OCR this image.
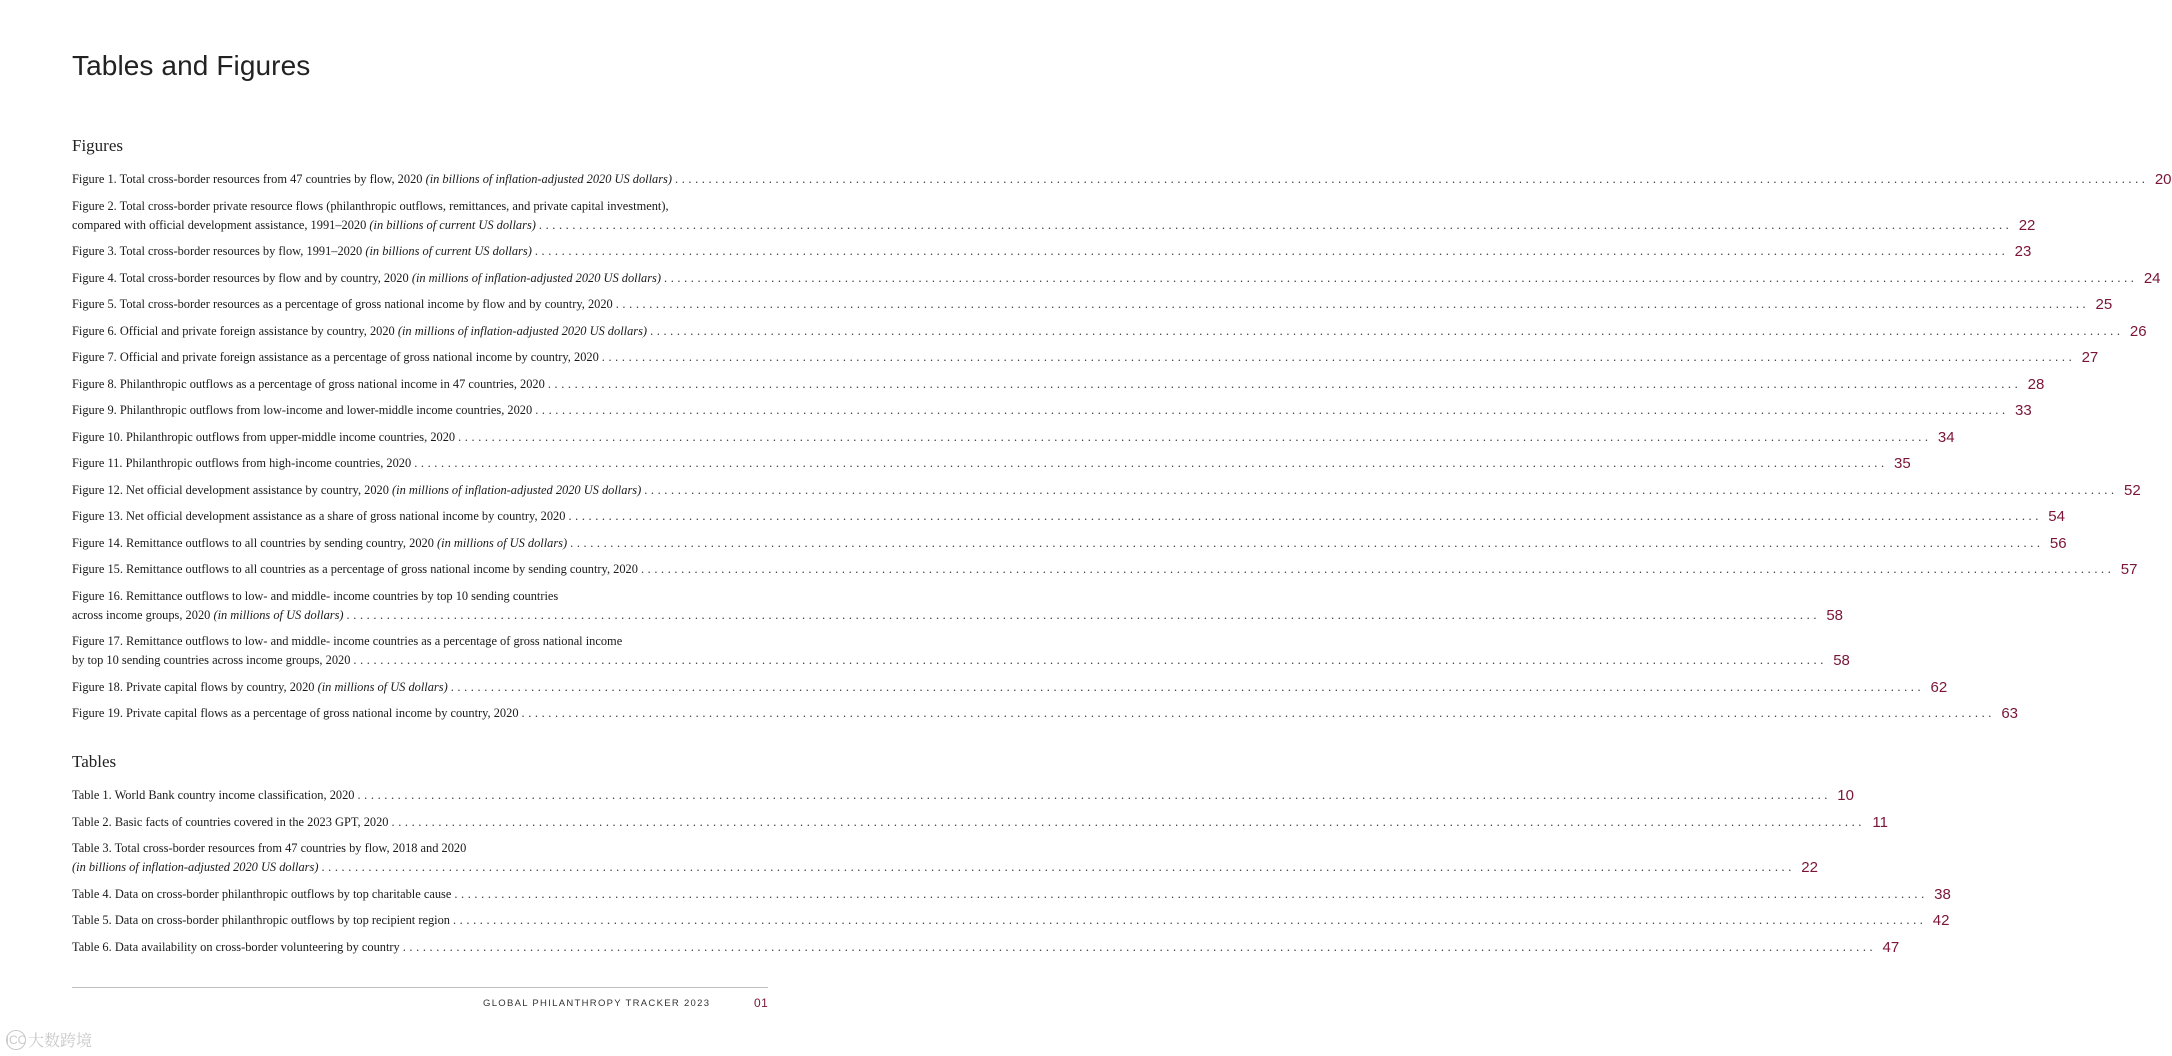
Tables and Figures
Figures
Figure 1. Total cross-border resources from 47 countries by flow, 2020 (in billions of inflation-adjusted 2020 US dollars) ............................................................................................................................................................................................................................ 20
Figure 2. Total cross-border private resource flows (philanthropic outflows, remittances, and private capital investment),
compared with official development assistance, 1991–2020 (in billions of current US dollars) ............................................................................................................................................................................................................................ 22
Figure 3. Total cross-border resources by flow, 1991–2020 (in billions of current US dollars) ............................................................................................................................................................................................................................ 23
Figure 4. Total cross-border resources by flow and by country, 2020 (in millions of inflation-adjusted 2020 US dollars) ............................................................................................................................................................................................................................ 24
Figure 5. Total cross-border resources as a percentage of gross national income by flow and by country, 2020 ............................................................................................................................................................................................................................ 25
Figure 6. Official and private foreign assistance by country, 2020 (in millions of inflation-adjusted 2020 US dollars) ............................................................................................................................................................................................................................ 26
Figure 7. Official and private foreign assistance as a percentage of gross national income by country, 2020 ............................................................................................................................................................................................................................ 27
Figure 8. Philanthropic outflows as a percentage of gross national income in 47 countries, 2020 ............................................................................................................................................................................................................................ 28
Figure 9. Philanthropic outflows from low-income and lower-middle income countries, 2020 ............................................................................................................................................................................................................................ 33
Figure 10. Philanthropic outflows from upper-middle income countries, 2020 ............................................................................................................................................................................................................................ 34
Figure 11. Philanthropic outflows from high-income countries, 2020 ............................................................................................................................................................................................................................ 35
Figure 12. Net official development assistance by country, 2020 (in millions of inflation-adjusted 2020 US dollars) ............................................................................................................................................................................................................................ 52
Figure 13. Net official development assistance as a share of gross national income by country, 2020 ............................................................................................................................................................................................................................ 54
Figure 14. Remittance outflows to all countries by sending country, 2020 (in millions of US dollars) ............................................................................................................................................................................................................................ 56
Figure 15. Remittance outflows to all countries as a percentage of gross national income by sending country, 2020 ............................................................................................................................................................................................................................ 57
Figure 16. Remittance outflows to low- and middle- income countries by top 10 sending countries
across income groups, 2020 (in millions of US dollars) ............................................................................................................................................................................................................................ 58
Figure 17. Remittance outflows to low- and middle- income countries as a percentage of gross national income
by top 10 sending countries across income groups, 2020 ............................................................................................................................................................................................................................ 58
Figure 18. Private capital flows by country, 2020 (in millions of US dollars) ............................................................................................................................................................................................................................ 62
Figure 19. Private capital flows as a percentage of gross national income by country, 2020 ............................................................................................................................................................................................................................ 63
Tables
Table 1. World Bank country income classification, 2020 ............................................................................................................................................................................................................................ 10
Table 2. Basic facts of countries covered in the 2023 GPT, 2020 ............................................................................................................................................................................................................................ 11
Table 3. Total cross-border resources from 47 countries by flow, 2018 and 2020
(in billions of inflation-adjusted 2020 US dollars) ............................................................................................................................................................................................................................ 22
Table 4. Data on cross-border philanthropic outflows by top charitable cause ............................................................................................................................................................................................................................ 38
Table 5. Data on cross-border philanthropic outflows by top recipient region ............................................................................................................................................................................................................................ 42
Table 6. Data availability on cross-border volunteering by country ............................................................................................................................................................................................................................ 47
GLOBAL PHILANTHROPY TRACKER 2023	01
ICC 大数跨境
